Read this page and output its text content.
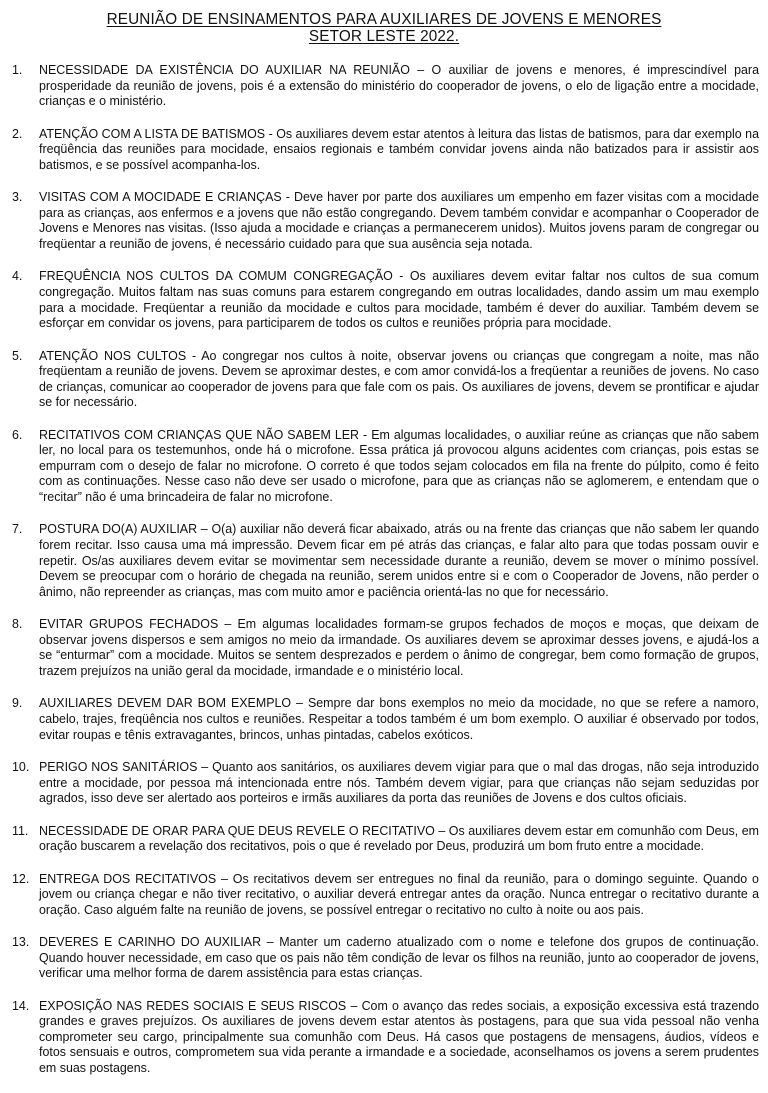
REUNIÃO DE ENSINAMENTOS PARA AUXILIARES DE JOVENS E MENORES
SETOR LESTE 2022.
1.	NECESSIDADE DA EXISTÊNCIA DO AUXILIAR NA REUNIÃO – O auxiliar de jovens e menores, é imprescindível para prosperidade da reunião de jovens, pois é a extensão do ministério do cooperador de jovens, o elo de ligação entre a mocidade, crianças e o ministério.
2.	ATENÇÃO COM A LISTA DE BATISMOS - Os auxiliares devem estar atentos à leitura das listas de batismos, para dar exemplo na freqüência das reuniões para mocidade, ensaios regionais e também convidar jovens ainda não batizados para ir assistir aos batismos, e se possível acompanha-los.
3.	VISITAS COM A MOCIDADE E CRIANÇAS - Deve haver por parte dos auxiliares um empenho em fazer visitas com a mocidade para as crianças, aos enfermos e a jovens que não estão congregando. Devem também convidar e acompanhar o Cooperador de Jovens e Menores nas visitas. (Isso ajuda a mocidade e crianças a permanecerem unidos). Muitos jovens param de congregar ou freqüentar a reunião de jovens, é necessário cuidado para que sua ausência seja notada.
4.	FREQUÊNCIA NOS CULTOS DA COMUM CONGREGAÇÃO - Os auxiliares devem evitar faltar nos cultos de sua comum congregação. Muitos faltam nas suas comuns para estarem congregando em outras localidades, dando assim um mau exemplo para a mocidade. Freqüentar a reunião da mocidade e cultos para mocidade, também é dever do auxiliar. Também devem se esforçar em convidar os jovens, para participarem de todos os cultos e reuniões própria para mocidade.
5.	ATENÇÃO NOS CULTOS - Ao congregar nos cultos à noite, observar jovens ou crianças que congregam a noite, mas não freqüentam a reunião de jovens. Devem se aproximar destes, e com amor convidá-los a freqüentar a reuniões de jovens. No caso de crianças, comunicar ao cooperador de jovens para que fale com os pais. Os auxiliares de jovens, devem se prontificar e ajudar se for necessário.
6.	RECITATIVOS COM CRIANÇAS QUE NÃO SABEM LER - Em algumas localidades, o auxiliar reúne as crianças que não sabem ler, no local para os testemunhos, onde há o microfone. Essa prática já provocou alguns acidentes com crianças, pois estas se empurram com o desejo de falar no microfone. O correto é que todos sejam colocados em fila na frente do púlpito, como é feito com as continuações. Nesse caso não deve ser usado o microfone, para que as crianças não se aglomerem, e entendam que o “recitar” não é uma brincadeira de falar no microfone.
7.	POSTURA DO(A) AUXILIAR – O(a) auxiliar não deverá ficar abaixado, atrás ou na frente das crianças que não sabem ler quando forem recitar. Isso causa uma má impressão. Devem ficar em pé atrás das crianças, e falar alto para que todas possam ouvir e repetir. Os/as auxiliares devem evitar se movimentar sem necessidade durante a reunião, devem se mover o mínimo possível. Devem se preocupar com o horário de chegada na reunião, serem unidos entre si e com o Cooperador de Jovens, não perder o ânimo, não repreender as crianças, mas com muito amor e paciência orientá-las no que for necessário.
8.	EVITAR GRUPOS FECHADOS – Em algumas localidades formam-se grupos fechados de moços e moças, que deixam de observar jovens dispersos e sem amigos no meio da irmandade. Os auxiliares devem se aproximar desses jovens, e ajudá-los a se “enturmar” com a mocidade. Muitos se sentem desprezados e perdem o ânimo de congregar, bem como formação de grupos, trazem prejuízos na união geral da mocidade, irmandade e o ministério local.
9.	AUXILIARES DEVEM DAR BOM EXEMPLO – Sempre dar bons exemplos no meio da mocidade, no que se refere a namoro, cabelo, trajes, freqüência nos cultos e reuniões. Respeitar a todos também é um bom exemplo. O auxiliar é observado por todos, evitar roupas e tênis extravagantes, brincos, unhas pintadas, cabelos exóticos.
10. PERIGO NOS SANITÁRIOS – Quanto aos sanitários, os auxiliares devem vigiar para que o mal das drogas, não seja introduzido entre a mocidade, por pessoa má intencionada entre nós. Também devem vigiar, para que crianças não sejam seduzidas por agrados, isso deve ser alertado aos porteiros e irmãs auxiliares da porta das reuniões de Jovens e dos cultos oficiais.
11. NECESSIDADE DE ORAR PARA QUE DEUS REVELE O RECITATIVO – Os auxiliares devem estar em comunhão com Deus, em oração buscarem a revelação dos recitativos, pois o que é revelado por Deus, produzirá um bom fruto entre a mocidade.
12. ENTREGA DOS RECITATIVOS – Os recitativos devem ser entregues no final da reunião, para o domingo seguinte. Quando o jovem ou criança chegar e não tiver recitativo, o auxiliar deverá entregar antes da oração. Nunca entregar o recitativo durante a oração. Caso alguém falte na reunião de jovens, se possível entregar o recitativo no culto à noite ou aos pais.
13. DEVERES E CARINHO DO AUXILIAR – Manter um caderno atualizado com o nome e telefone dos grupos de continuação. Quando houver necessidade, em caso que os pais não têm condição de levar os filhos na reunião, junto ao cooperador de jovens, verificar uma melhor forma de darem assistência para estas crianças.
14. EXPOSIÇÃO NAS REDES SOCIAIS E SEUS RISCOS – Com o avanço das redes sociais, a exposição excessiva está trazendo grandes e graves prejuízos. Os auxiliares de jovens devem estar atentos às postagens, para que sua vida pessoal não venha comprometer seu cargo, principalmente sua comunhão com Deus. Há casos que postagens de mensagens, áudios, vídeos e fotos sensuais e outros, comprometem sua vida perante a irmandade e a sociedade, aconselhamos os jovens a serem prudentes em suas postagens.
